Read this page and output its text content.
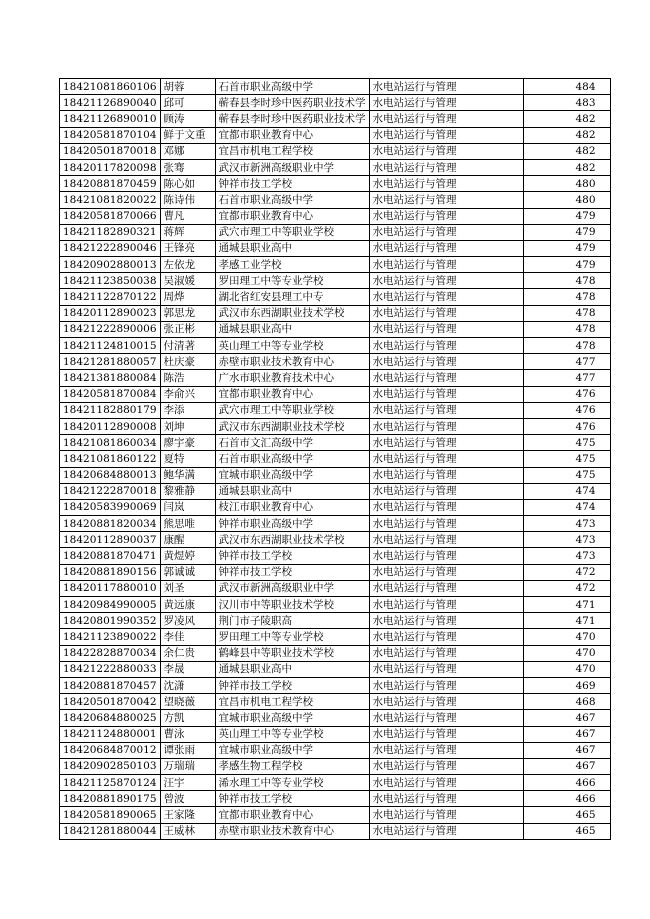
18421081860106	胡蓉	石首市职业高级中学	水电站运行与管理	484
18421126890040	邱可	蕲春县李时珍中医药职业技术学	水电站运行与管理	483
18421126890010	顾涛	蕲春县李时珍中医药职业技术学	水电站运行与管理	482
18420581870104	鲜于文重	宜都市职业教育中心	水电站运行与管理	482
18420501870018	邓娜	宜昌市机电工程学校	水电站运行与管理	482
18420117820098	张骞	武汉市新洲高级职业中学	水电站运行与管理	482
18420881870459	陈心如	钟祥市技工学校	水电站运行与管理	480
18421081820022	陈诗伟	石首市职业高级中学	水电站运行与管理	480
18420581870066	曹凡	宜都市职业教育中心	水电站运行与管理	479
18421182890321	蒋辉	武穴市理工中等职业学校	水电站运行与管理	479
18421222890046	王锋亮	通城县职业高中	水电站运行与管理	479
18420902880013	左依龙	孝感工业学校	水电站运行与管理	479
18421123850038	吴淑媛	罗田理工中等专业学校	水电站运行与管理	478
18421122870122	周烨	湖北省红安县理工中专	水电站运行与管理	478
18420112890023	郭思龙	武汉市东西湖职业技术学校	水电站运行与管理	478
18421222890006	张正彬	通城县职业高中	水电站运行与管理	478
18421124810015	付清著	英山理工中等专业学校	水电站运行与管理	478
18421281880057	杜庆豪	赤壁市职业技术教育中心	水电站运行与管理	477
18421381880084	陈浩	广水市职业教育技术中心	水电站运行与管理	477
18420581870084	李俞兴	宜都市职业教育中心	水电站运行与管理	476
18421182880179	李添	武穴市理工中等职业学校	水电站运行与管理	476
18420112890008	刘坤	武汉市东西湖职业技术学校	水电站运行与管理	476
18421081860034	廖宇豪	石首市文汇高级中学	水电站运行与管理	475
18421081860122	夏特	石首市职业高级中学	水电站运行与管理	475
18420684880013	鲍华满	宜城市职业高级中学	水电站运行与管理	475
18421222870018	黎雅静	通城县职业高中	水电站运行与管理	474
18420583990069	闫岚	枝江市职业教育中心	水电站运行与管理	474
18420881820034	熊思唯	钟祥市职业高级中学	水电站运行与管理	473
18420112890037	康醒	武汉市东西湖职业技术学校	水电站运行与管理	473
18420881870471	黄煜婷	钟祥市技工学校	水电站运行与管理	473
18420881890156	郭诚诚	钟祥市技工学校	水电站运行与管理	472
18420117880010	刘圣	武汉市新洲高级职业中学	水电站运行与管理	472
18420984990005	黄远康	汉川市中等职业技术学校	水电站运行与管理	471
18420801990352	罗凌风	荆门市子陵职高	水电站运行与管理	471
18421123890022	李佳	罗田理工中等专业学校	水电站运行与管理	470
18422828870034	余仁贵	鹤峰县中等职业技术学校	水电站运行与管理	470
18421222880033	李晟	通城县职业高中	水电站运行与管理	470
18420881870457	沈潇	钟祥市技工学校	水电站运行与管理	469
18420501870042	望晓薇	宜昌市机电工程学校	水电站运行与管理	468
18420684880025	方凯	宜城市职业高级中学	水电站运行与管理	467
18421124880001	曹泳	英山理工中等专业学校	水电站运行与管理	467
18420684870012	谭张雨	宜城市职业高级中学	水电站运行与管理	467
18420902850103	万瑞瑞	孝感生物工程学校	水电站运行与管理	467
18421125870124	汪宇	浠水理工中等专业学校	水电站运行与管理	466
18420881890175	曾波	钟祥市技工学校	水电站运行与管理	466
18420581890065	王家隆	宜都市职业教育中心	水电站运行与管理	465
18421281880044	王威林	赤壁市职业技术教育中心	水电站运行与管理	465
